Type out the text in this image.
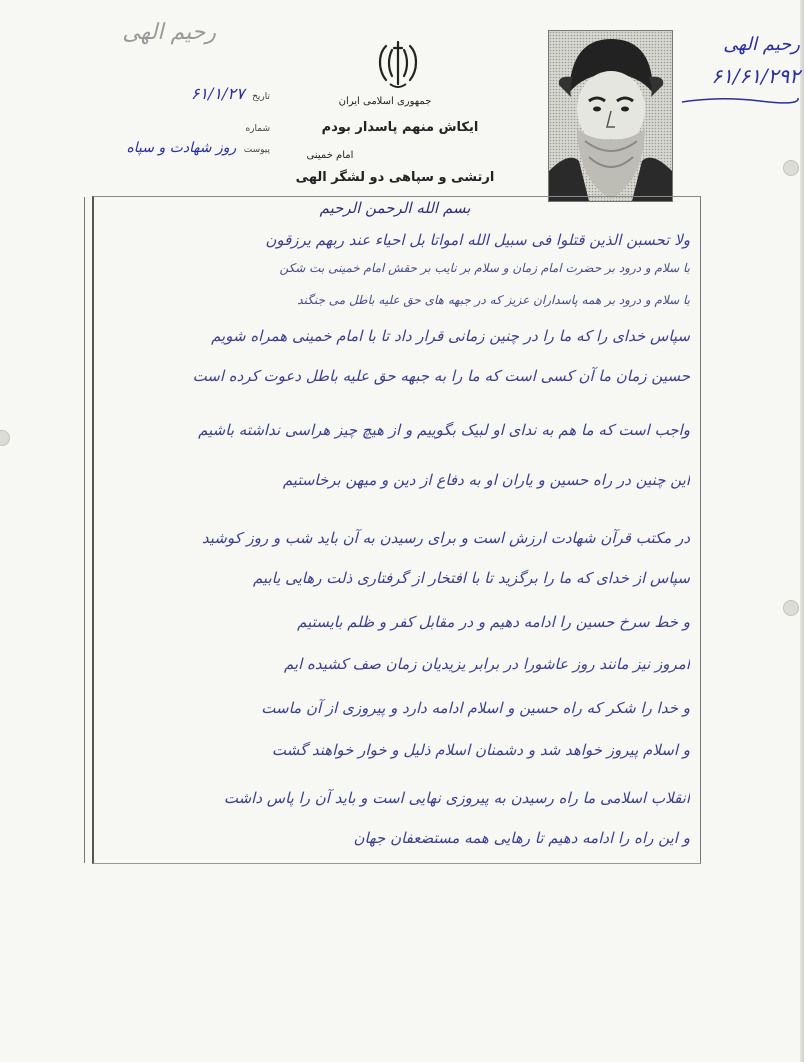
رحیم الهی	رحیم الهی
۶۱/۶۱/۲۹۲
جمهوری اسلامی ایران
ایکاش منهم پاسدار بودم
امام خمینی
ارتشی و سپاهی دو لشگر الهی
تاریخ ۶۱/۱/۲۷
شماره
پیوست روز شهادت و سپاه
بسم الله الرحمن الرحیم
ولا تحسبن الذین قتلوا فی سبیل الله امواتا بل احیاء عند ربهم یرزقون
با سلام و درود بر حضرت امام زمان و سلام بر نایب بر حقش امام خمینی بت شکن
با سلام و درود بر همه پاسداران عزیز که در جبهه های حق علیه باطل می جنگند
سپاس خدای را که ما را در چنین زمانی قرار داد تا با امام خمینی همراه شویم
حسین زمان ما آن کسی است که ما را به جبهه حق علیه باطل دعوت کرده است
واجب است که ما هم به ندای او لبیک بگوییم و از هیچ چیز هراسی نداشته باشیم
این چنین در راه حسین و یاران او به دفاع از دین و میهن برخاستیم
در مکتب قرآن شهادت ارزش است و برای رسیدن به آن باید شب و روز کوشید
سپاس از خدای که ما را برگزید تا با افتخار از گرفتاری ذلت رهایی یابیم
و خط سرخ حسین را ادامه دهیم و در مقابل کفر و ظلم بایستیم
امروز نیز مانند روز عاشورا در برابر یزیدیان زمان صف کشیده ایم
و خدا را شکر که راه حسین و اسلام ادامه دارد و پیروزی از آن ماست
و اسلام پیروز خواهد شد و دشمنان اسلام ذلیل و خوار خواهند گشت
انقلاب اسلامی ما راه رسیدن به پیروزی نهایی است و باید آن را پاس داشت
و این راه را ادامه دهیم تا رهایی همه مستضعفان جهان
